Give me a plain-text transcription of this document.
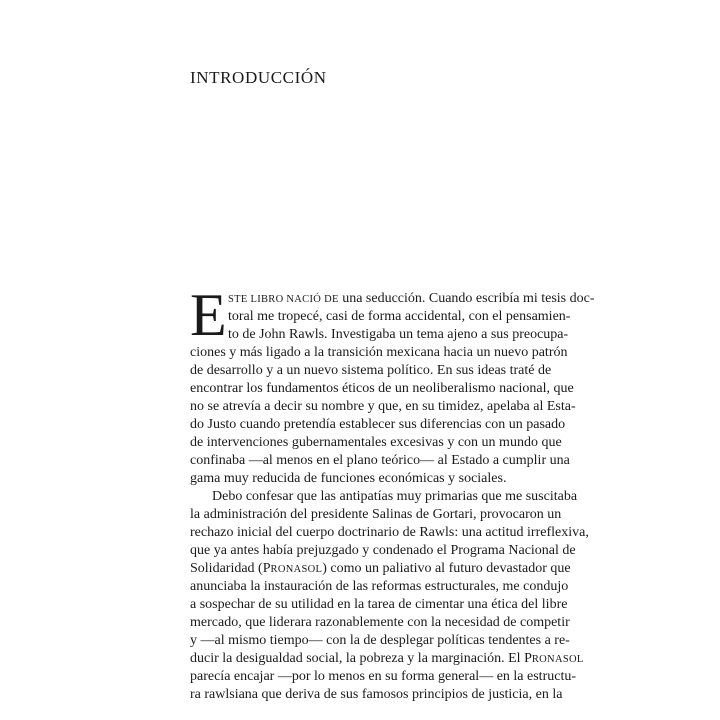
INTRODUCCIÓN
E STE LIBRO NACIÓ DE una seducción. Cuando escribía mi tesis doc-
toral me tropecé, casi de forma accidental, con el pensamien-
to de John Rawls. Investigaba un tema ajeno a sus preocupa-
ciones y más ligado a la transición mexicana hacia un nuevo patrón
de desarrollo y a un nuevo sistema político. En sus ideas traté de
encontrar los fundamentos éticos de un neoliberalismo nacional, que
no se atrevía a decir su nombre y que, en su timidez, apelaba al Esta-
do Justo cuando pretendía establecer sus diferencias con un pasado
de intervenciones gubernamentales excesivas y con un mundo que
confinaba —al menos en el plano teórico— al Estado a cumplir una
gama muy reducida de funciones económicas y sociales.
Debo confesar que las antipatías muy primarias que me suscitaba
la administración del presidente Salinas de Gortari, provocaron un
rechazo inicial del cuerpo doctrinario de Rawls: una actitud irreflexiva,
que ya antes había prejuzgado y condenado el Programa Nacional de
Solidaridad (PRONASOL) como un paliativo al futuro devastador que
anunciaba la instauración de las reformas estructurales, me condujo
a sospechar de su utilidad en la tarea de cimentar una ética del libre
mercado, que liderara razonablemente con la necesidad de competir
y —al mismo tiempo— con la de desplegar políticas tendentes a re-
ducir la desigualdad social, la pobreza y la marginación. El PRONASOL
parecía encajar —por lo menos en su forma general— en la estructu-
ra rawlsiana que deriva de sus famosos principios de justicia, en la
